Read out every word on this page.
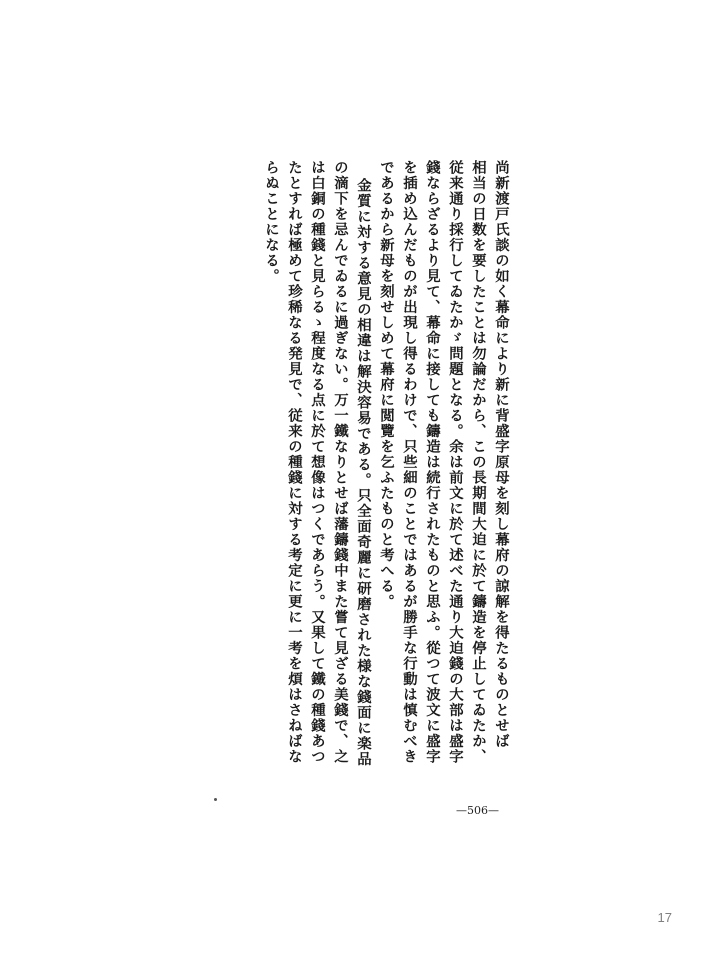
尚新渡戸氏談の如く幕命により新に背盛字原母を刻し幕府の諒解を得たるものとせば
相当の日数を要したことは勿論だから、この長期間大迫に於て鑄造を停止してゐたか、
従来通り採行してゐたかゞ問題となる。余は前文に於て述べた通り大迫錢の大部は盛字
錢ならざるより見て、幕命に接しても鑄造は続行されたものと思ふ。從つて波文に盛字
を插め込んだものが出現し得るわけで、只些細のことではあるが勝手な行動は慎むべき
であるから新母を刻せしめて幕府に閲覽を乞ふたものと考へる。
金質に対する意見の相違は解決容易である。只全面奇麗に研磨された様な錢面に楽品
の滴下を忌んでゐるに過ぎない。万一鐵なりとせば藩鑄錢中また嘗て見ざる美錢で、之
は白銅の種錢と見らるゝ程度なる点に於て想像はつくであらう。又果して鐵の種錢あつ
たとすれば極めて珍稀なる発見で、従来の種錢に対する考定に更に一考を煩はさねばな
らぬことになる。
—506—
17
